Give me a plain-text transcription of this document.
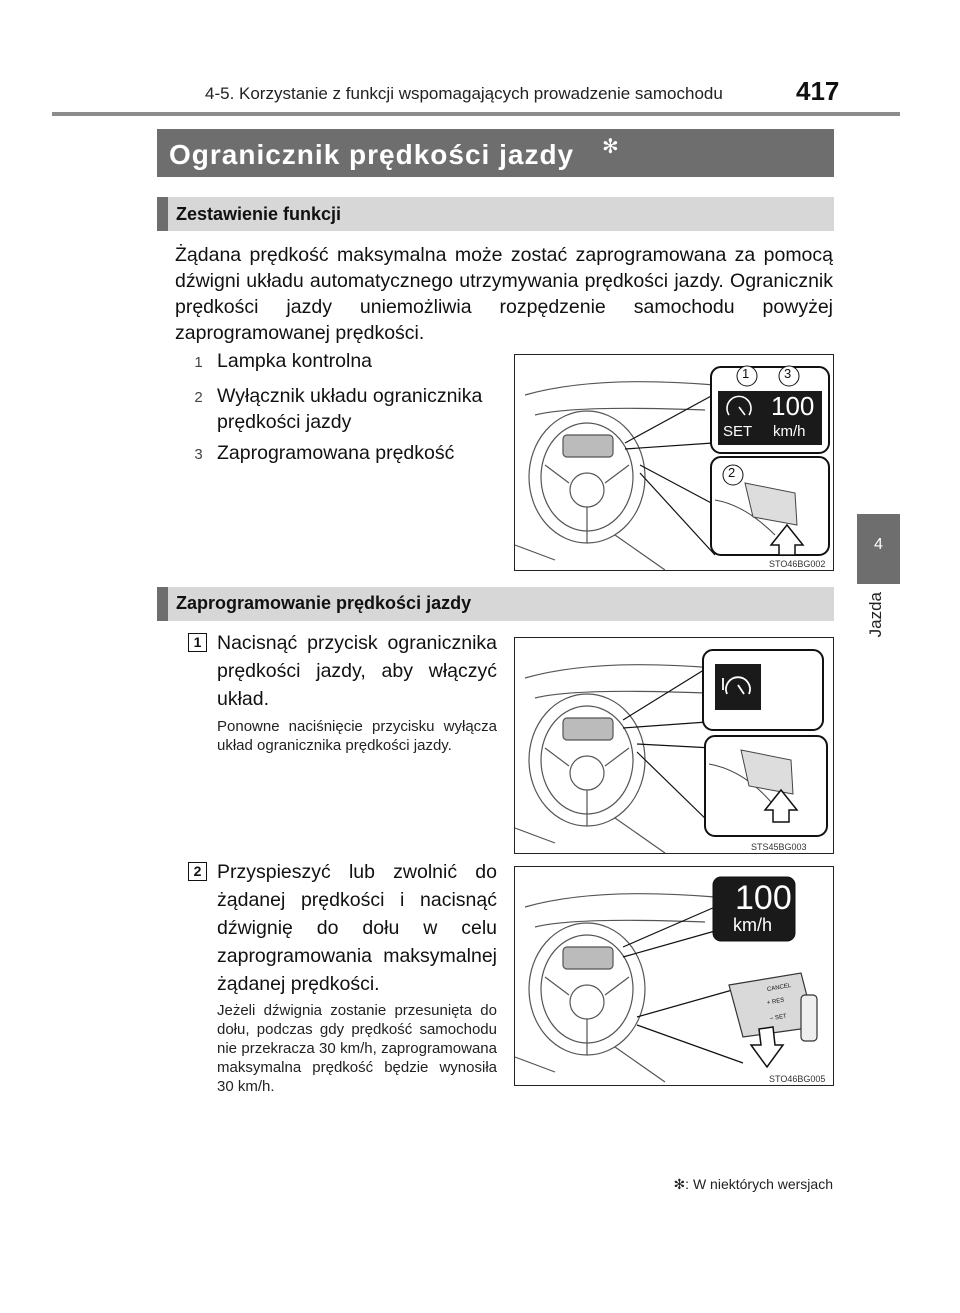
4-5. Korzystanie z funkcji wspomagających prowadzenie samochodu	417
4
Jazda
Ogranicznik prędkości jazdy ✻
Zestawienie funkcji
Żądana prędkość maksymalna może zostać zaprogramowana za pomocą dźwigni układu automatycznego utrzymywania prędkości jazdy. Ogranicznik prędkości jazdy uniemożliwia rozpędzenie samochodu powyżej zaprogramowanej prędkości.
1 Lampka kontrolna
2 Wyłącznik układu ogranicznika prędkości jazdy
3 Zaprogramowana prędkość
1	3
2
100
SET km/h
STO46BG002
Zaprogramowanie prędkości jazdy
1 Nacisnąć przycisk ogranicznika prędkości jazdy, aby włączyć układ.
Ponowne naciśnięcie przycisku wyłącza układ ogranicznika prędkości jazdy.
STS45BG003
2 Przyspieszyć lub zwolnić do żądanej prędkości i nacisnąć dźwignię do dołu w celu zaprogramowania maksymalnej żądanej prędkości.
Jeżeli dźwignia zostanie przesunięta do dołu, podczas gdy prędkość samochodu nie przekracza 30 km/h, zaprogramowana maksymalna prędkość będzie wynosiła 30 km/h.
100
km/h
CANCEL
+ RES
− SET
STO46BG005
✻: W niektórych wersjach
